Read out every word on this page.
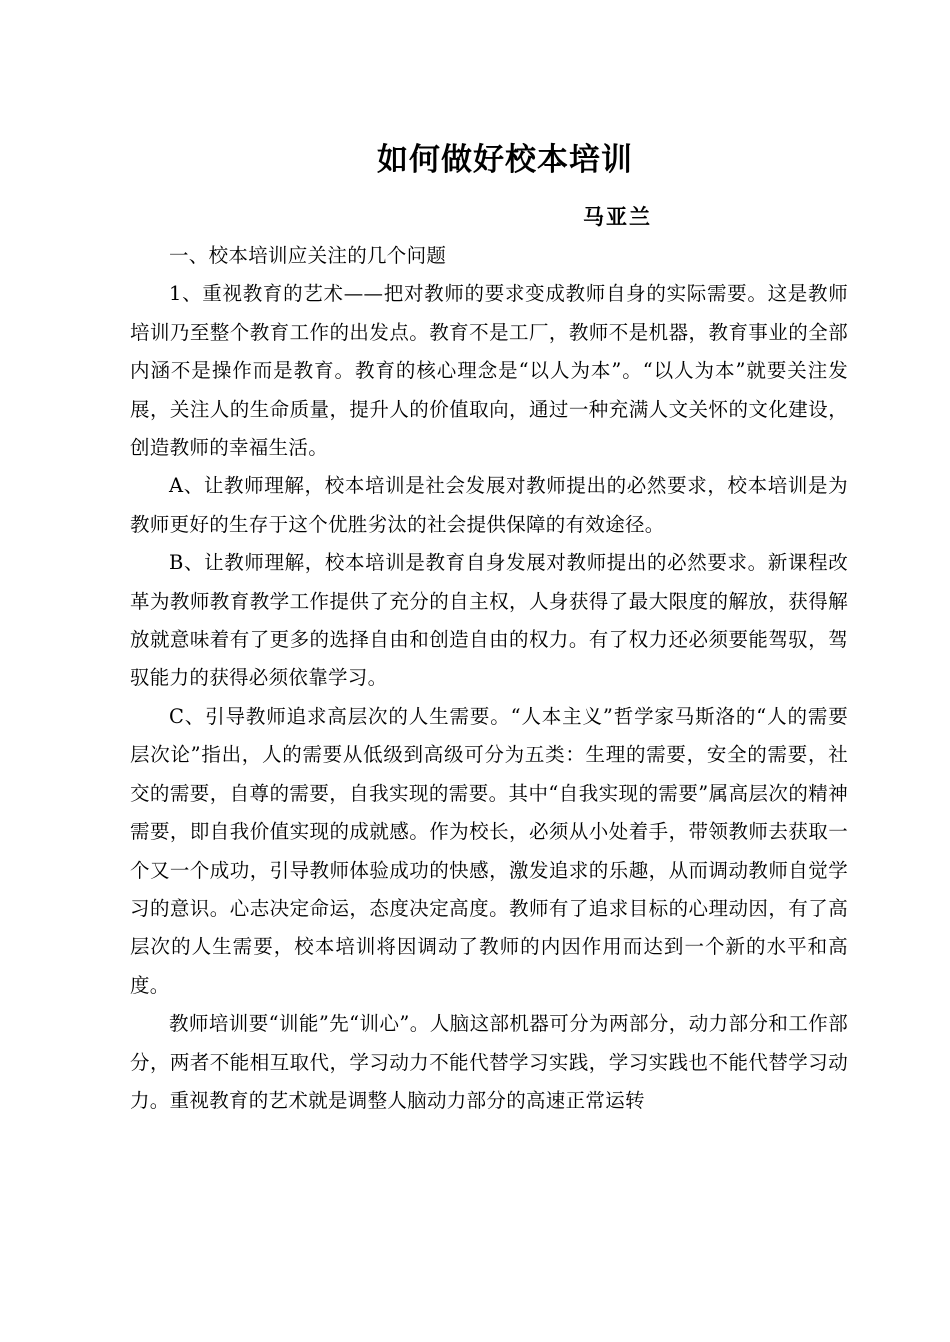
如何做好校本培训
马亚兰

一、校本培训应关注的几个问题

1、重视教育的艺术——把对教师的要求变成教师自身的实际需要。这是教师培训乃至整个教育工作的出发点。教育不是工厂，教师不是机器，教育事业的全部内涵不是操作而是教育。教育的核心理念是“以人为本”。“以人为本”就要关注发展，关注人的生命质量，提升人的价值取向，通过一种充满人文关怀的文化建设，创造教师的幸福生活。

A、让教师理解，校本培训是社会发展对教师提出的必然要求，校本培训是为教师更好的生存于这个优胜劣汰的社会提供保障的有效途径。

B、让教师理解，校本培训是教育自身发展对教师提出的必然要求。新课程改革为教师教育教学工作提供了充分的自主权，人身获得了最大限度的解放，获得解放就意味着有了更多的选择自由和创造自由的权力。有了权力还必须要能驾驭，驾驭能力的获得必须依靠学习。

C、引导教师追求高层次的人生需要。“人本主义”哲学家马斯洛的“人的需要层次论”指出，人的需要从低级到高级可分为五类：生理的需要，安全的需要，社交的需要，自尊的需要，自我实现的需要。其中“自我实现的需要”属高层次的精神需要，即自我价值实现的成就感。作为校长，必须从小处着手，带领教师去获取一个又一个成功，引导教师体验成功的快感，激发追求的乐趣，从而调动教师自觉学习的意识。心志决定命运，态度决定高度。教师有了追求目标的心理动因，有了高层次的人生需要，校本培训将因调动了教师的内因作用而达到一个新的水平和高度。

教师培训要“训能”先“训心”。人脑这部机器可分为两部分，动力部分和工作部分，两者不能相互取代，学习动力不能代替学习实践，学习实践也不能代替学习动力。重视教育的艺术就是调整人脑动力部分的高速正常运转
